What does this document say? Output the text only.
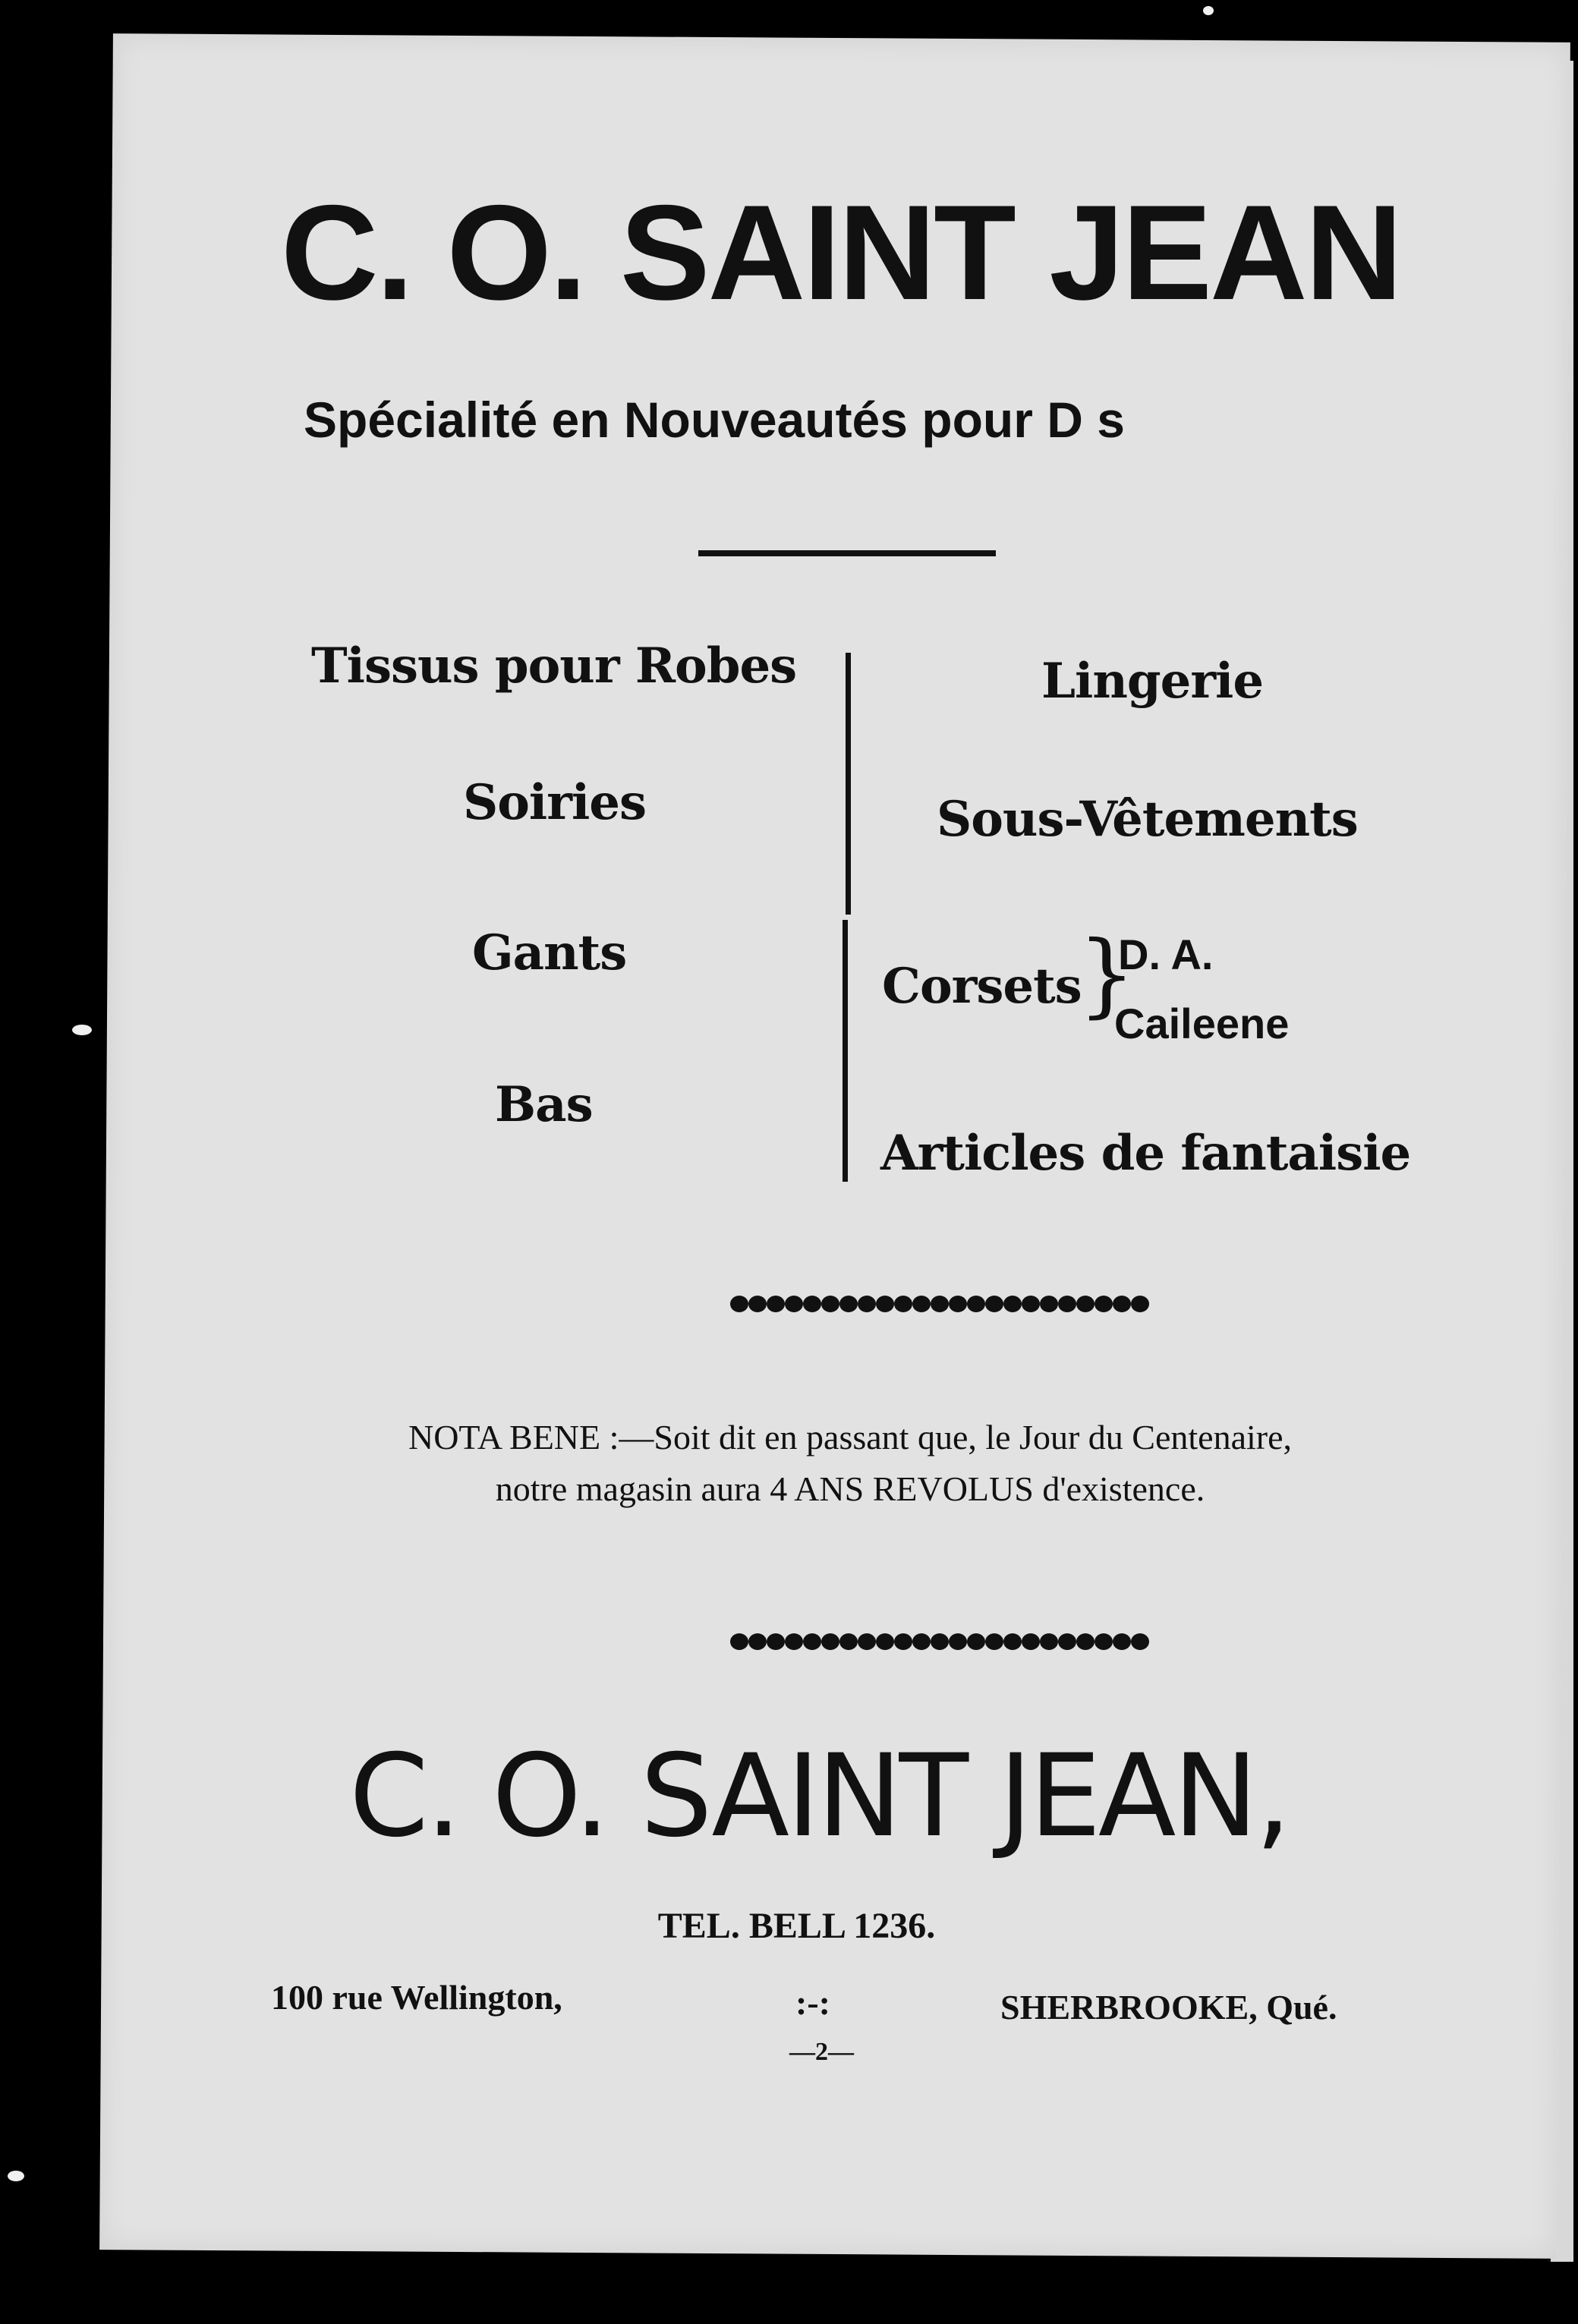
C. O. SAINT JEAN
Spécialité en Nouveautés pour D s
Tissus pour Robes
Soiries
Gants
Bas
Lingerie
Sous-Vêtements
Corsets
}
D. A.
Caileene
Articles de fantaisie
NOTA BENE :—Soit dit en passant que, le Jour du Centenaire,
notre magasin aura 4 ANS REVOLUS d'existence.
C. O. SAINT JEAN,
TEL. BELL 1236.
100 rue Wellington,	:-:	SHERBROOKE, Qué.
—2—
